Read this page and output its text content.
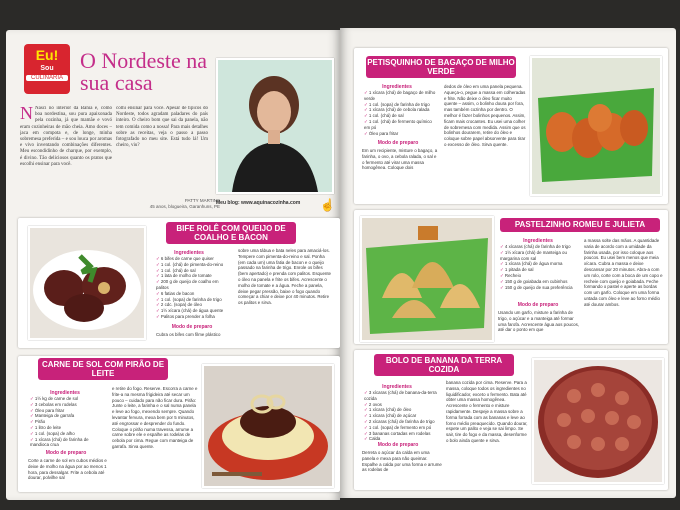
Eu!
Sou
CULINÁRIA
O Nordeste na sua casa
N Nasci no interior da Bahia e, como boa nordestina, sou pura apaixonada pela cozinha, já que mamãe e vovó eram cozinheiras de mão cheia. Amo doces – jaca em compota e, de longe, minha sobremesa preferida – e sou louca por aromas e vivo inventando combinações diferentes. Meu escondidinho de charque, por exemplo, é divino. Tão deliciosos quanto os pratos que escolhi ensinar para você.
colhi ensinar para você. Apesar de típicos do Nordeste, todos agradam paladares do país inteiro. O cheiro bom que sai da panela, não tem comida como a nossa! Para mais detalhes sobre as receitas, veja o passo a passo fotografado no meu site. Está tudo lá! Um cheiro, viu?
PATTY MARTINS
45 anos, blogueira, Garanhuns, PE
Meu blog: www.aquinacozinha.com	☝
BIFE ROLÊ COM QUEIJO DE COALHO E BACON
Ingredientes
✓ 6 bifes de carne que quiser
✓ 1 col. (chá) de pimenta-do-reino
✓ 1 col. (chá) de sal
✓ 1 lata de molho de tomate
✓ 200 g de queijo de coalho em palitos
✓ 6 fatias de bacon
✓ 1 col. (sopa) de farinha de trigo
✓ 2 cdc. (sopa) de óleo
✓ 1½ xícara (chá) de água quente
✓ Palitos para prender a folha
Modo de preparo
Cubra os bifes com filme plástico
sobre uma tábua e bata neles para amaciá-los. Tempere com pimenta-do-reino e sal. Ponha (em cada um) uma fatia de bacon e o queijo passado na farinha de trigo. Enrole os bifes (bem apertado) e prenda com palitos. Esquente o óleo na panela e frite os bifes. Acrescente o molho de tomate e a água. Feche a panela, deixe pegar pressão, baixe o fogo quando começar a chiar e deixe por 40 minutos. Retire os palitos e sirva.
CARNE DE SOL COM PIRÃO DE LEITE
Ingredientes
✓ 1½ kg de carne de sol
✓ 3 cebolas em rodelas
✓ Óleo para fritar
✓ Manteiga de garrafa
✓ Pirão
✓ 1 litro de leite
✓ 1 col. (sopa) de alho
✓ 1 xícara (chá) de farinha de mandioca crua
Modo de preparo
Corte a carne de sol em cubos médios e deixe de molho na água por ao menos 1 hora, para dessalgar. Frite a cebola até dourar, polvilhe sal
e retire do fogo. Reserve. Escorra a carne e frite-a na mesma frigideira até secar um pouco – cuidado para não ficar dura. Pirão: Junte o leite, a farinha e o sal numa panela e leve ao fogo, mexendo sempre. Quando levantar fervura, mexa bem por 5 minutos, até engrossar e desprender do fundo. Coloque o pirão numa travessa, arrume a carne sobre ele e espalhe as rodelas de cebola por cima. Regue com manteiga de garrafa. Sirva quente.
PETISQUINHO DE BAGAÇO DE MILHO VERDE
Ingredientes
✓ 1 xícara (chá) de bagaço de milho verde
✓ 1 col. (sopa) de farinha de trigo
✓ 1 xícara (chá) de cebola ralada
✓ 1 col. (chá) de sal
✓ 1 col. (chá) de fermento químico em pó
✓ Óleo para fritar
Modo de preparo
Em um recipiente, misture o bagaço, a farinha, o ovo, a cebola ralada, o sal e o fermento até virar uma massa homogênea. Coloque dois
dedos de óleo em uma panela pequena. Aqueça-o, pegue a massa em colheradas e frite. Não deixe o óleo ficar muito quente – assim, o bolinho doura por fora, mas também cozinha por dentro. O melhor é fazer bolinhos pequenos. Assim, ficam mais crocantes. Eu usei uma colher de sobremesa com medida. Assim que os bolinhos dourarem, retire do óleo e coloque sobre papel absorvente para tirar o excesso de óleo. Sirva quente.
PASTELZINHO ROMEU E JULIETA
Ingredientes
✓ 4 xícaras (chá) de farinha de trigo
✓ 1½ xícara (chá) de manteiga ou margarina com sal
✓ 1 xícara (chá) de água morna
✓ 1 pitada de sal
✓ Recheio
✓ 150 g de goiabada em cubinhos
✓ 150 g de queijo de sua preferência
Modo de preparo
Usando um garfo, misture a farinha de trigo, o açúcar e a manteiga até formar uma farofa. Acrescente água aos poucos, até dar o ponto em que
a massa solte das mãos. A quantidade varia de acordo com a umidade da farinha usada, por isso coloque aos poucos. Eu usei bem menos que meia xícara. Cubra a massa e deixe descansar por 20 minutos. Abra-a com um rolo, corte com a boca de um copo e recheie com queijo e goiabada. Feche formando o pastel e aperte as bordas com um garfo. Coloque em uma forma untada com óleo e leve ao forno médio até dourar ambos.
BOLO DE BANANA DA TERRA COZIDA
Ingredientes
✓ 3 xícaras (chá) de banana-da-terra cozida
✓ 2 ovos
✓ 1 xícara (chá) de óleo
✓ 1 xícara (chá) de açúcar
✓ 2 xícaras (chá) de farinha de trigo
✓ 1 col. (sopa) de fermento em pó
✓ 3 bananas cortadas em rodelas
✓ Calda
Modo de preparo
Derreta o açúcar da calda em uma panela e mexa para não queimar. Espalhe a calda por uma forma e arrume as rodelas de
banana cozida por cima. Reserve. Para a massa, coloque todos os ingredientes no liquidificador, exceto o fermento. Bata até obter uma massa homogênea. Acrescente o fermento e misture rapidamente. Despeje a massa sobre a forma forrada com as bananas e leve ao forno médio preaquecido. Quando dourar, espete um palito e veja se sai limpo. Se sair, tire do fogo e da massa, desenforme o bolo ainda quente e sirva.
